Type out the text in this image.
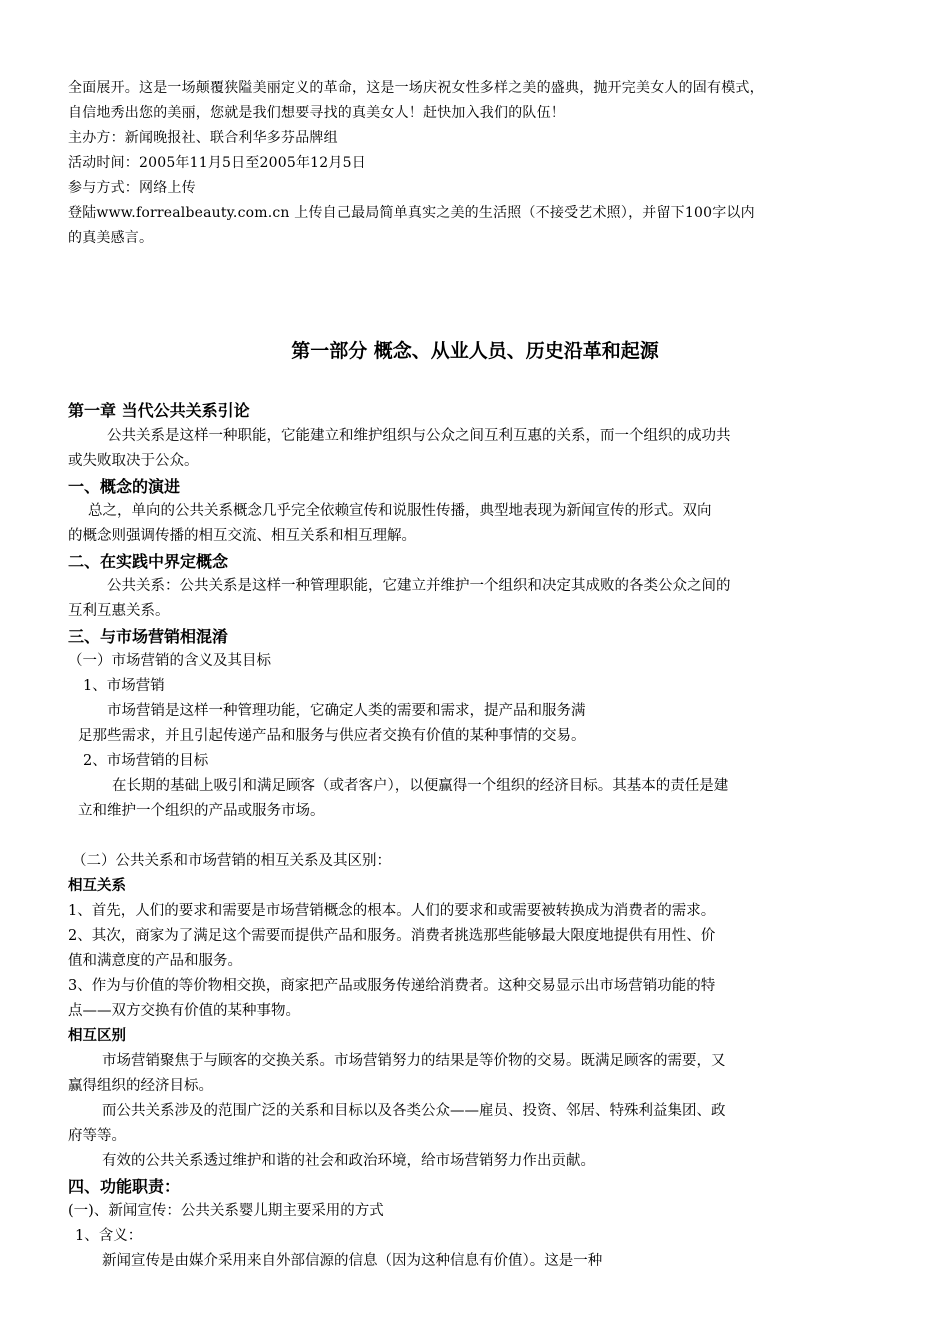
全面展开。这是一场颠覆狭隘美丽定义的革命，这是一场庆祝女性多样之美的盛典，抛开完美女人的固有模式，
自信地秀出您的美丽，您就是我们想要寻找的真美女人！赶快加入我们的队伍！
主办方：新闻晚报社、联合利华多芬品牌组
活动时间：2005年11月5日至2005年12月5日
参与方式：网络上传
登陆www.forrealbeauty.com.cn 上传自己最局简单真实之美的生活照（不接受艺术照），并留下100字以内
的真美感言。
第一部分 概念、从业人员、历史沿革和起源
第一章 当代公共关系引论
公共关系是这样一种职能，它能建立和维护组织与公众之间互利互惠的关系，而一个组织的成功共
或失败取决于公众。
一、概念的演进
总之，单向的公共关系概念几乎完全依赖宣传和说服性传播，典型地表现为新闻宣传的形式。双向
的概念则强调传播的相互交流、相互关系和相互理解。
二、在实践中界定概念
公共关系：公共关系是这样一种管理职能，它建立并维护一个组织和决定其成败的各类公众之间的
互利互惠关系。
三、与市场营销相混淆
（一）市场营销的含义及其目标
1、市场营销
市场营销是这样一种管理功能，它确定人类的需要和需求，提产品和服务满
足那些需求，并且引起传递产品和服务与供应者交换有价值的某种事情的交易。
2、市场营销的目标
在长期的基础上吸引和满足顾客（或者客户），以便赢得一个组织的经济目标。其基本的责任是建
立和维护一个组织的产品或服务市场。
（二）公共关系和市场营销的相互关系及其区别：
相互关系
1、首先，人们的要求和需要是市场营销概念的根本。人们的要求和或需要被转换成为消费者的需求。
2、其次，商家为了满足这个需要而提供产品和服务。消费者挑选那些能够最大限度地提供有用性、价
值和满意度的产品和服务。
3、作为与价值的等价物相交换，商家把产品或服务传递给消费者。这种交易显示出市场营销功能的特
点——双方交换有价值的某种事物。
相互区别
市场营销聚焦于与顾客的交换关系。市场营销努力的结果是等价物的交易。既满足顾客的需要，又
赢得组织的经济目标。
而公共关系涉及的范围广泛的关系和目标以及各类公众——雇员、投资、邻居、特殊利益集团、政
府等等。
有效的公共关系透过维护和谐的社会和政治环境，给市场营销努力作出贡献。
四、功能职责：
(一)、新闻宣传：公共关系婴儿期主要采用的方式
1、含义：
新闻宣传是由媒介采用来自外部信源的信息（因为这种信息有价值）。这是一种
